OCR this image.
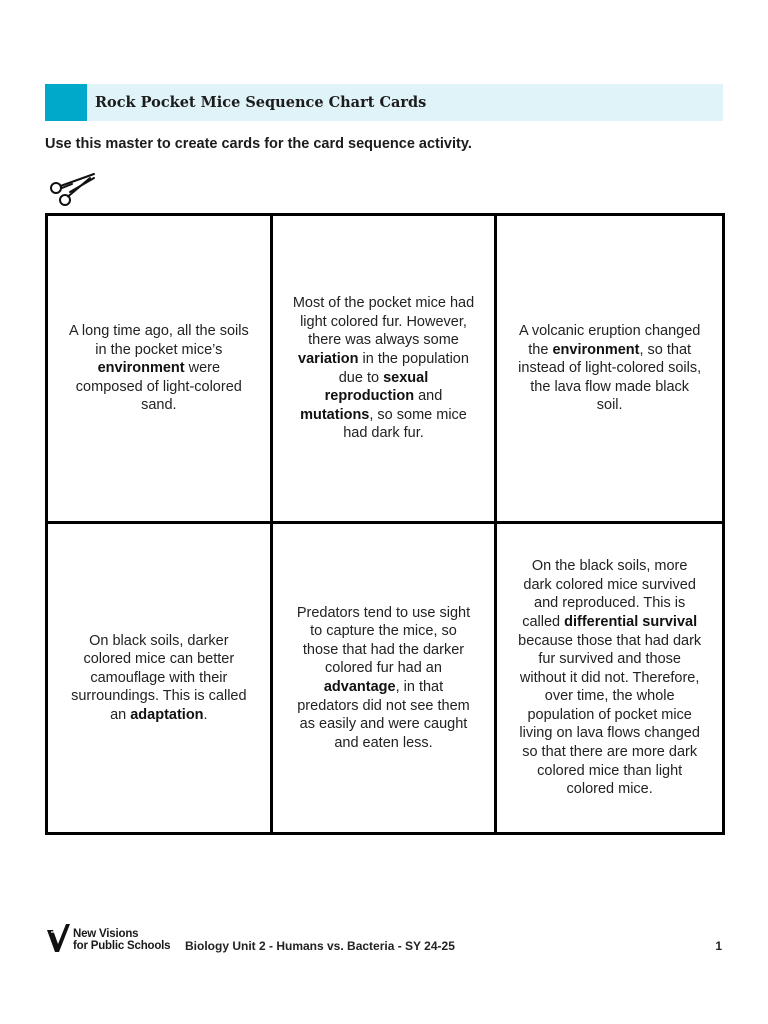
Rock Pocket Mice Sequence Chart Cards
Use this master to create cards for the card sequence activity.

A long time ago, all the soils in the pocket mice’s environment were composed of light-colored sand.

Most of the pocket mice had light colored fur. However, there was always some variation in the population due to sexual reproduction and mutations, so some mice had dark fur.

A volcanic eruption changed the environment, so that instead of light-colored soils, the lava flow made black soil.

On black soils, darker colored mice can better camouflage with their surroundings. This is called an adaptation.

Predators tend to use sight to capture the mice, so those that had the darker colored fur had an advantage, in that predators did not see them as easily and were caught and eaten less.

On the black soils, more dark colored mice survived and reproduced. This is called differential survival because those that had dark fur survived and those without it did not. Therefore, over time, the whole population of pocket mice living on lava flows changed so that there are more dark colored mice than light colored mice.

New Visions
for Public Schools Biology Unit 2 - Humans vs. Bacteria - SY 24-25	1
